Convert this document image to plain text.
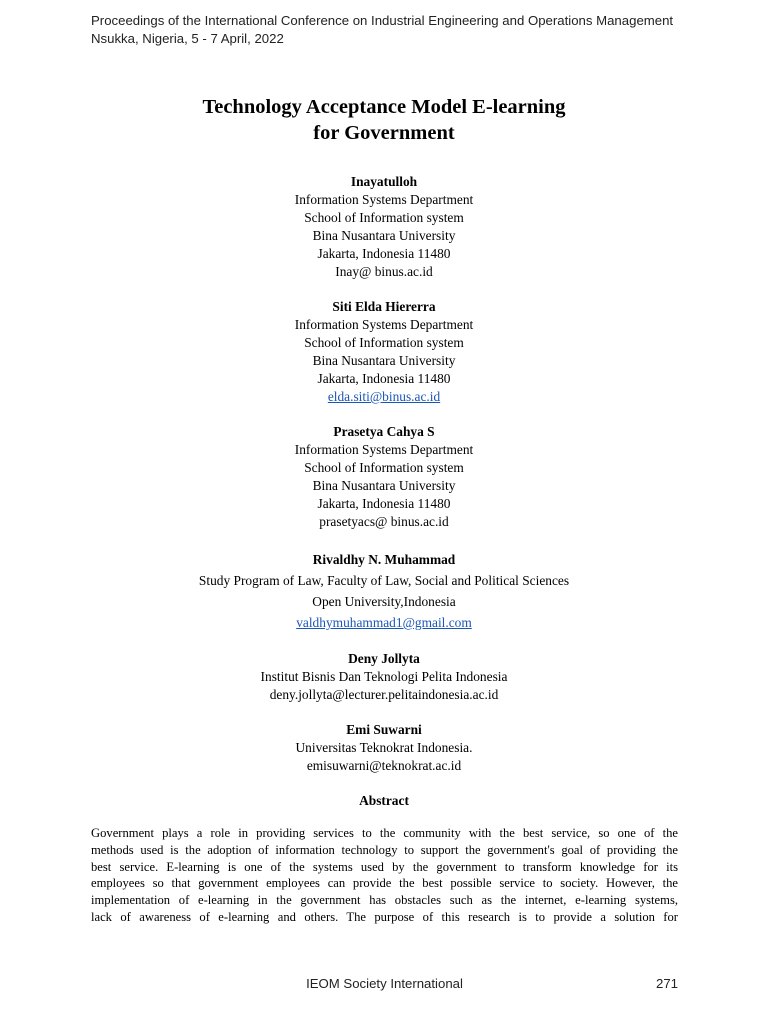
Proceedings of the International Conference on Industrial Engineering and Operations Management
Nsukka, Nigeria, 5 - 7 April, 2022
Technology Acceptance Model E-learning
for Government
Inayatulloh
Information Systems Department
School of Information system
Bina Nusantara University
Jakarta, Indonesia 11480
Inay@ binus.ac.id
Siti Elda Hiererra
Information Systems Department
School of Information system
Bina Nusantara University
Jakarta, Indonesia 11480
elda.siti@binus.ac.id
Prasetya Cahya S
Information Systems Department
School of Information system
Bina Nusantara University
Jakarta, Indonesia 11480
prasetyacs@ binus.ac.id
Rivaldhy N. Muhammad
Study Program of Law, Faculty of Law, Social and Political Sciences
Open University,Indonesia
valdhymuhammad1@gmail.com
Deny Jollyta
Institut Bisnis Dan Teknologi Pelita Indonesia
deny.jollyta@lecturer.pelitaindonesia.ac.id
Emi Suwarni
Universitas Teknokrat Indonesia.
emisuwarni@teknokrat.ac.id
Abstract
Government plays a role in providing services to the community with the best service, so one of the
methods used is the adoption of information technology to support the government's goal of providing the
best service. E-learning is one of the systems used by the government to transform knowledge for its
employees so that government employees can provide the best possible service to society. However, the
implementation of e-learning in the government has obstacles such as the internet, e-learning systems,
lack of awareness of e-learning and others. The purpose of this research is to provide a solution for
IEOM Society International	271
